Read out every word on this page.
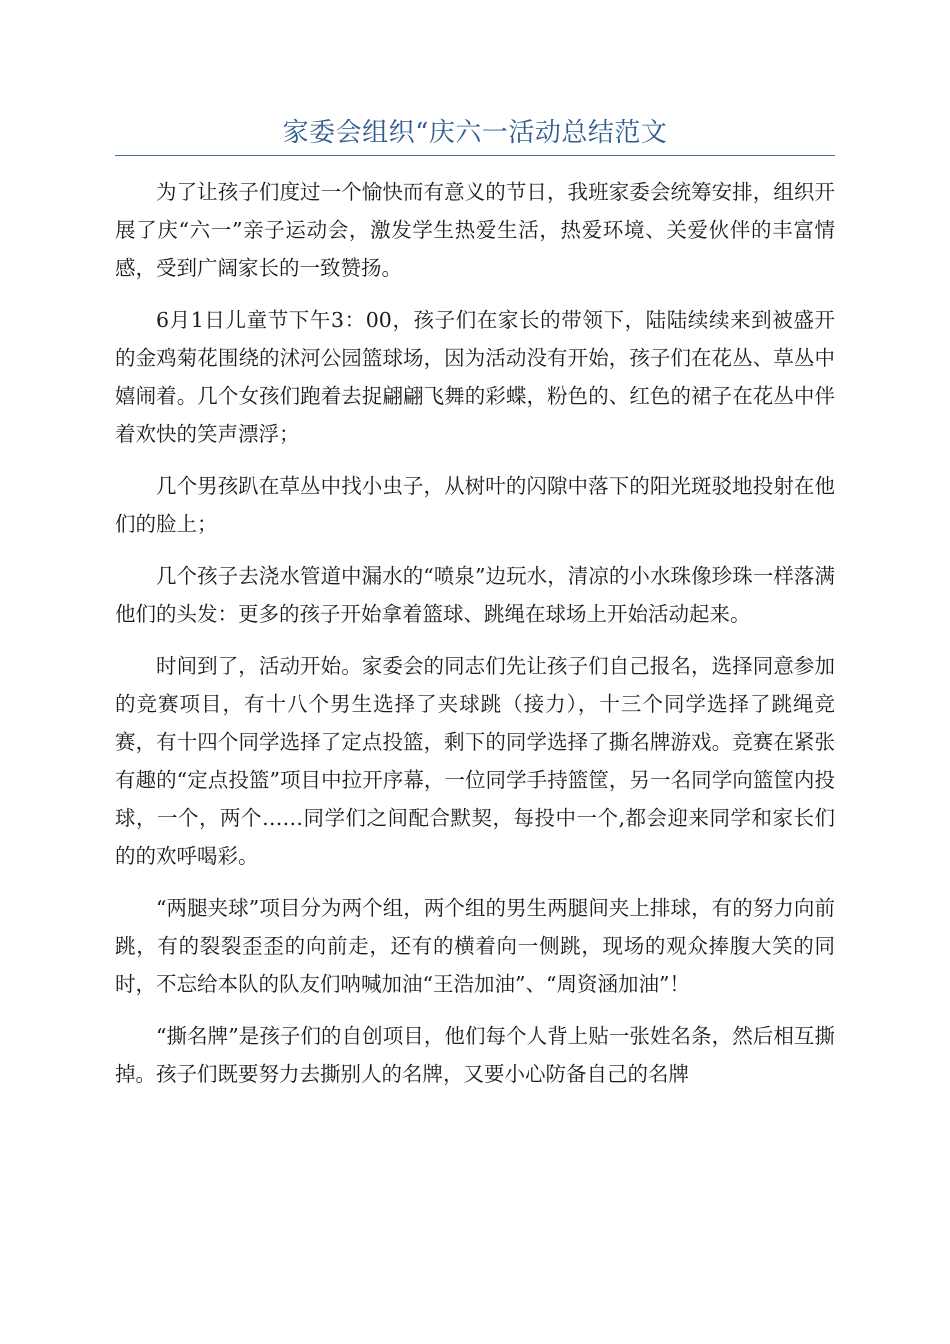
家委会组织“庆六一活动总结范文

为了让孩子们度过一个愉快而有意义的节日，我班家委会统筹安排，组织开展了庆“六一”亲子运动会，激发学生热爱生活，热爱环境、关爱伙伴的丰富情感，受到广阔家长的一致赞扬。

6月1日儿童节下午3：00，孩子们在家长的带领下，陆陆续续来到被盛开的金鸡菊花围绕的沭河公园篮球场，因为活动没有开始，孩子们在花丛、草丛中嬉闹着。几个女孩们跑着去捉翩翩飞舞的彩蝶，粉色的、红色的裙子在花丛中伴着欢快的笑声漂浮；

几个男孩趴在草丛中找小虫子，从树叶的闪隙中落下的阳光斑驳地投射在他们的脸上；

几个孩子去浇水管道中漏水的“喷泉”边玩水，清凉的小水珠像珍珠一样落满他们的头发：更多的孩子开始拿着篮球、跳绳在球场上开始活动起来。

时间到了，活动开始。家委会的同志们先让孩子们自己报名，选择同意参加的竞赛项目，有十八个男生选择了夹球跳（接力），十三个同学选择了跳绳竞赛，有十四个同学选择了定点投篮，剩下的同学选择了撕名牌游戏。竞赛在紧张有趣的“定点投篮”项目中拉开序幕，一位同学手持篮筐，另一名同学向篮筐内投球，一个，两个……同学们之间配合默契，每投中一个,都会迎来同学和家长们的的欢呼喝彩。

“两腿夹球”项目分为两个组，两个组的男生两腿间夹上排球，有的努力向前跳，有的裂裂歪歪的向前走，还有的横着向一侧跳，现场的观众捧腹大笑的同时，不忘给本队的队友们呐喊加油“王浩加油”、“周资涵加油”！

“撕名牌”是孩子们的自创项目，他们每个人背上贴一张姓名条，然后相互撕掉。孩子们既要努力去撕别人的名牌，又要小心防备自己的名牌
